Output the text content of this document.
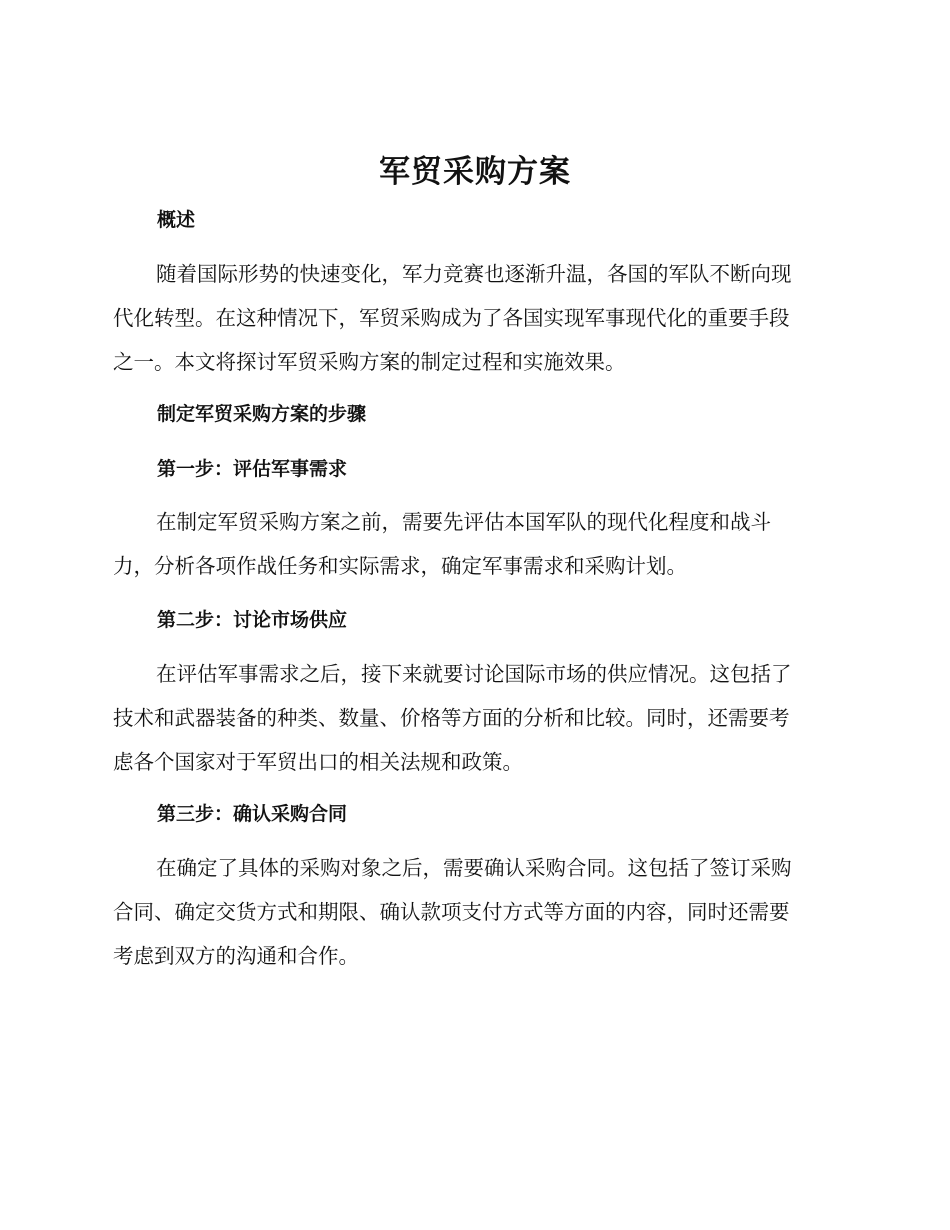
军贸采购方案
概述

随着国际形势的快速变化，军力竞赛也逐渐升温，各国的军队不断向现
代化转型。在这种情况下，军贸采购成为了各国实现军事现代化的重要手段
之一。本文将探讨军贸采购方案的制定过程和实施效果。

制定军贸采购方案的步骤
第一步：评估军事需求

在制定军贸采购方案之前，需要先评估本国军队的现代化程度和战斗
力，分析各项作战任务和实际需求，确定军事需求和采购计划。

第二步：讨论市场供应

在评估军事需求之后，接下来就要讨论国际市场的供应情况。这包括了
技术和武器装备的种类、数量、价格等方面的分析和比较。同时，还需要考
虑各个国家对于军贸出口的相关法规和政策。

第三步：确认采购合同

在确定了具体的采购对象之后，需要确认采购合同。这包括了签订采购
合同、确定交货方式和期限、确认款项支付方式等方面的内容，同时还需要
考虑到双方的沟通和合作。
